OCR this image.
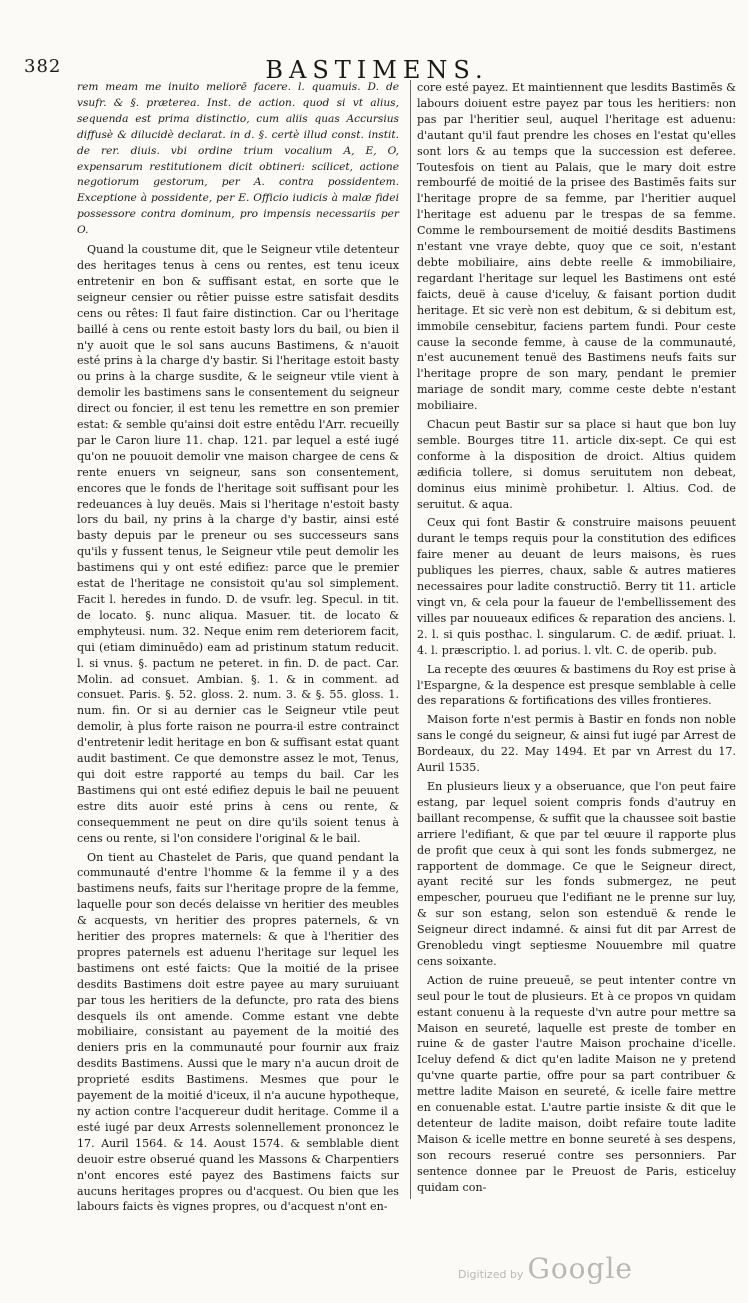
382	BASTIMENS.

rem meam me inuito meliorē facere. l. quamuis. D. de vsufr. & §. præterea. Inst. de action. quod si vt alius, sequenda est prima distinctio, cum aliis quas Accursius diffusè & dilucidè declarat. in d. §. certè illud const. instit. de rer. diuis. vbi ordine trium vocalium A, E, O, expensarum restitutionem dicit obtineri: scilicet, actione negotiorum gestorum, per A. contra possidentem. Exceptione à possidente, per E. Officio iudicis à malæ fidei possessore contra dominum, pro impensis necessariis per O.

Quand la coustume dit, que le Seigneur vtile detenteur des heritages tenus à cens ou rentes, est tenu iceux entretenir en bon & suffisant estat, en sorte que le seigneur censier ou rêtier puisse estre satisfait desdits cens ou rêtes: Il faut faire distinction. Car ou l'heritage baillé à cens ou rente estoit basty lors du bail, ou bien il n'y auoit que le sol sans aucuns Bastimens, & n'auoit esté prins à la charge d'y bastir. Si l'heritage estoit basty ou prins à la charge susdite, & le seigneur vtile vient à demolir les bastimens sans le consentement du seigneur direct ou foncier, il est tenu les remettre en son premier estat: & semble qu'ainsi doit estre entēdu l'Arr. recueilly par le Caron liure 11. chap. 121. par lequel a esté iugé qu'on ne pouuoit demolir vne maison chargee de cens & rente enuers vn seigneur, sans son consentement, encores que le fonds de l'heritage soit suffisant pour les redeuances à luy deuës. Mais si l'heritage n'estoit basty lors du bail, ny prins à la charge d'y bastir, ainsi esté basty depuis par le preneur ou ses successeurs sans qu'ils y fussent tenus, le Seigneur vtile peut demolir les bastimens qui y ont esté edifiez: parce que le premier estat de l'heritage ne consistoit qu'au sol simplement. Facit l. heredes in fundo. D. de vsufr. leg. Specul. in tit. de locato. §. nunc aliqua. Masuer. tit. de locato & emphyteusi. num. 32. Neque enim rem deteriorem facit, qui (etiam diminuēdo) eam ad pristinum statum reducit. l. si vnus. §. pactum ne peteret. in fin. D. de pact. Car. Molin. ad consuet. Ambian. §. 1. & in comment. ad consuet. Paris. §. 52. gloss. 2. num. 3. & §. 55. gloss. 1. num. fin. Or si au dernier cas le Seigneur vtile peut demolir, à plus forte raison ne pourra-il estre contrainct d'entretenir ledit heritage en bon & suffisant estat quant audit bastiment. Ce que demonstre assez le mot, Tenus, qui doit estre rapporté au temps du bail. Car les Bastimens qui ont esté edifiez depuis le bail ne peuuent estre dits auoir esté prins à cens ou rente, & consequemment ne peut on dire qu'ils soient tenus à cens ou rente, si l'on considere l'original & le bail.

On tient au Chastelet de Paris, que quand pendant la communauté d'entre l'homme & la femme il y a des bastimens neufs, faits sur l'heritage propre de la femme, laquelle pour son decés delaisse vn heritier des meubles & acquests, vn heritier des propres paternels, & vn heritier des propres maternels: & que à l'heritier des propres paternels est aduenu l'heritage sur lequel les bastimens ont esté faicts: Que la moitié de la prisee desdits Bastimens doit estre payee au mary suruiuant par tous les heritiers de la defuncte, pro rata des biens desquels ils ont amende. Comme estant vne debte mobiliaire, consistant au payement de la moitié des deniers pris en la communauté pour fournir aux fraiz desdits Bastimens. Aussi que le mary n'a aucun droit de proprieté esdits Bastimens. Mesmes que pour le payement de la moitié d'iceux, il n'a aucune hypotheque, ny action contre l'acquereur dudit heritage. Comme il a esté iugé par deux Arrests solennellement prononcez le 17. Auril 1564. & 14. Aoust 1574. & semblable dient deuoir estre obserué quand les Massons & Charpentiers n'ont encores esté payez des Bastimens faicts sur aucuns heritages propres ou d'acquest. Ou bien que les labours faicts ès vignes propres, ou d'acquest n'ont en-

core esté payez. Et maintiennent que lesdits Bastimēs & labours doiuent estre payez par tous les heritiers: non pas par l'heritier seul, auquel l'heritage est aduenu: d'autant qu'il faut prendre les choses en l'estat qu'elles sont lors & au temps que la succession est deferee. Toutesfois on tient au Palais, que le mary doit estre rembourfé de moitié de la prisee des Bastimēs faits sur l'heritage propre de sa femme, par l'heritier auquel l'heritage est aduenu par le trespas de sa femme. Comme le remboursement de moitié desdits Bastimens n'estant vne vraye debte, quoy que ce soit, n'estant debte mobiliaire, ains debte reelle & immobiliaire, regardant l'heritage sur lequel les Bastimens ont esté faicts, deuë à cause d'iceluy, & faisant portion dudit heritage. Et sic verè non est debitum, & si debitum est, immobile censebitur, faciens partem fundi. Pour ceste cause la seconde femme, à cause de la communauté, n'est aucunement tenuë des Bastimens neufs faits sur l'heritage propre de son mary, pendant le premier mariage de sondit mary, comme ceste debte n'estant mobiliaire.

Chacun peut Bastir sur sa place si haut que bon luy semble. Bourges titre 11. article dix-sept. Ce qui est conforme à la disposition de droict. Altius quidem ædificia tollere, si domus seruitutem non debeat, dominus eius minimè prohibetur. l. Altius. Cod. de seruitut. & aqua.

Ceux qui font Bastir & construire maisons peuuent durant le temps requis pour la constitution des edifices faire mener au deuant de leurs maisons, ès rues publiques les pierres, chaux, sable & autres matieres necessaires pour ladite constructiō. Berry tit 11. article vingt vn, & cela pour la faueur de l'embellissement des villes par nouueaux edifices & reparation des anciens. l. 2. l. si quis posthac. l. singularum. C. de ædif. priuat. l. 4. l. præscriptio. l. ad porius. l. vlt. C. de operib. pub.

La recepte des œuures & bastimens du Roy est prise à l'Espargne, & la despence est presque semblable à celle des reparations & fortifications des villes frontieres.

Maison forte n'est permis à Bastir en fonds non noble sans le congé du seigneur, & ainsi fut iugé par Arrest de Bordeaux, du 22. May 1494. Et par vn Arrest du 17. Auril 1535.

En plusieurs lieux y a obseruance, que l'on peut faire estang, par lequel soient compris fonds d'autruy en baillant recompense, & suffit que la chaussee soit bastie arriere l'edifiant, & que par tel œuure il rapporte plus de profit que ceux à qui sont les fonds submergez, ne rapportent de dommage. Ce que le Seigneur direct, ayant recité sur les fonds submergez, ne peut empescher, pourueu que l'edifiant ne le prenne sur luy, & sur son estang, selon son estenduë & rende le Seigneur direct indamné. & ainsi fut dit par Arrest de Grenobledu vingt septiesme Nouuembre mil quatre cens soixante.

Action de ruine preueuē, se peut intenter contre vn seul pour le tout de plusieurs. Et à ce propos vn quidam estant conuenu à la requeste d'vn autre pour mettre sa Maison en seureté, laquelle est preste de tomber en ruine & de gaster l'autre Maison prochaine d'icelle. Iceluy defend & dict qu'en ladite Maison ne y pretend qu'vne quarte partie, offre pour sa part contribuer & mettre ladite Maison en seureté, & icelle faire mettre en conuenable estat. L'autre partie insiste & dit que le detenteur de ladite maison, doibt refaire toute ladite Maison & icelle mettre en bonne seureté à ses despens, son recours reserué contre ses personniers. Par sentence donnee par le Preuost de Paris, esticeluy quidam con-

Digitized by Google
